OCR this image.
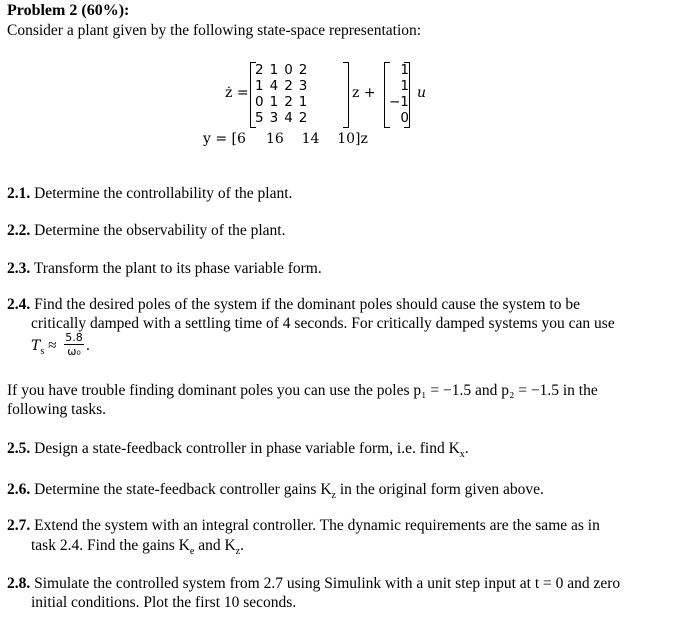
Problem 2 (60%):
Consider a plant given by the following state-space representation:
ż =
2	1	0	2
1	4	2	3
0	1	2	1
5	3	4	2
z +
1
1
−1
0
u
y = [6 16    14    10]z
2.1. Determine the controllability of the plant.
2.2. Determine the observability of the plant.
2.3. Transform the plant to its phase variable form.
2.4. Find the desired poles of the system if the dominant poles should cause the system to be
critically damped with a settling time of 4 seconds. For critically damped systems you can use
$T_s \approx \frac{5.8}{\text{ω₀}}$ .
If you have trouble finding dominant poles you can use the poles p₁ = −1.5 and p₂ = −1.5 in the
following tasks.
2.5. Design a state-feedback controller in phase variable form, i.e. find $K_x$.
2.6. Determine the state-feedback controller gains $K_z$ in the original form given above.
2.7. Extend the system with an integral controller. The dynamic requirements are the same as in
task 2.4. Find the gains $K_e$ and $K_z$.
2.8. Simulate the controlled system from 2.7 using Simulink with a unit step input at t = 0 and zero
initial conditions. Plot the first 10 seconds.
